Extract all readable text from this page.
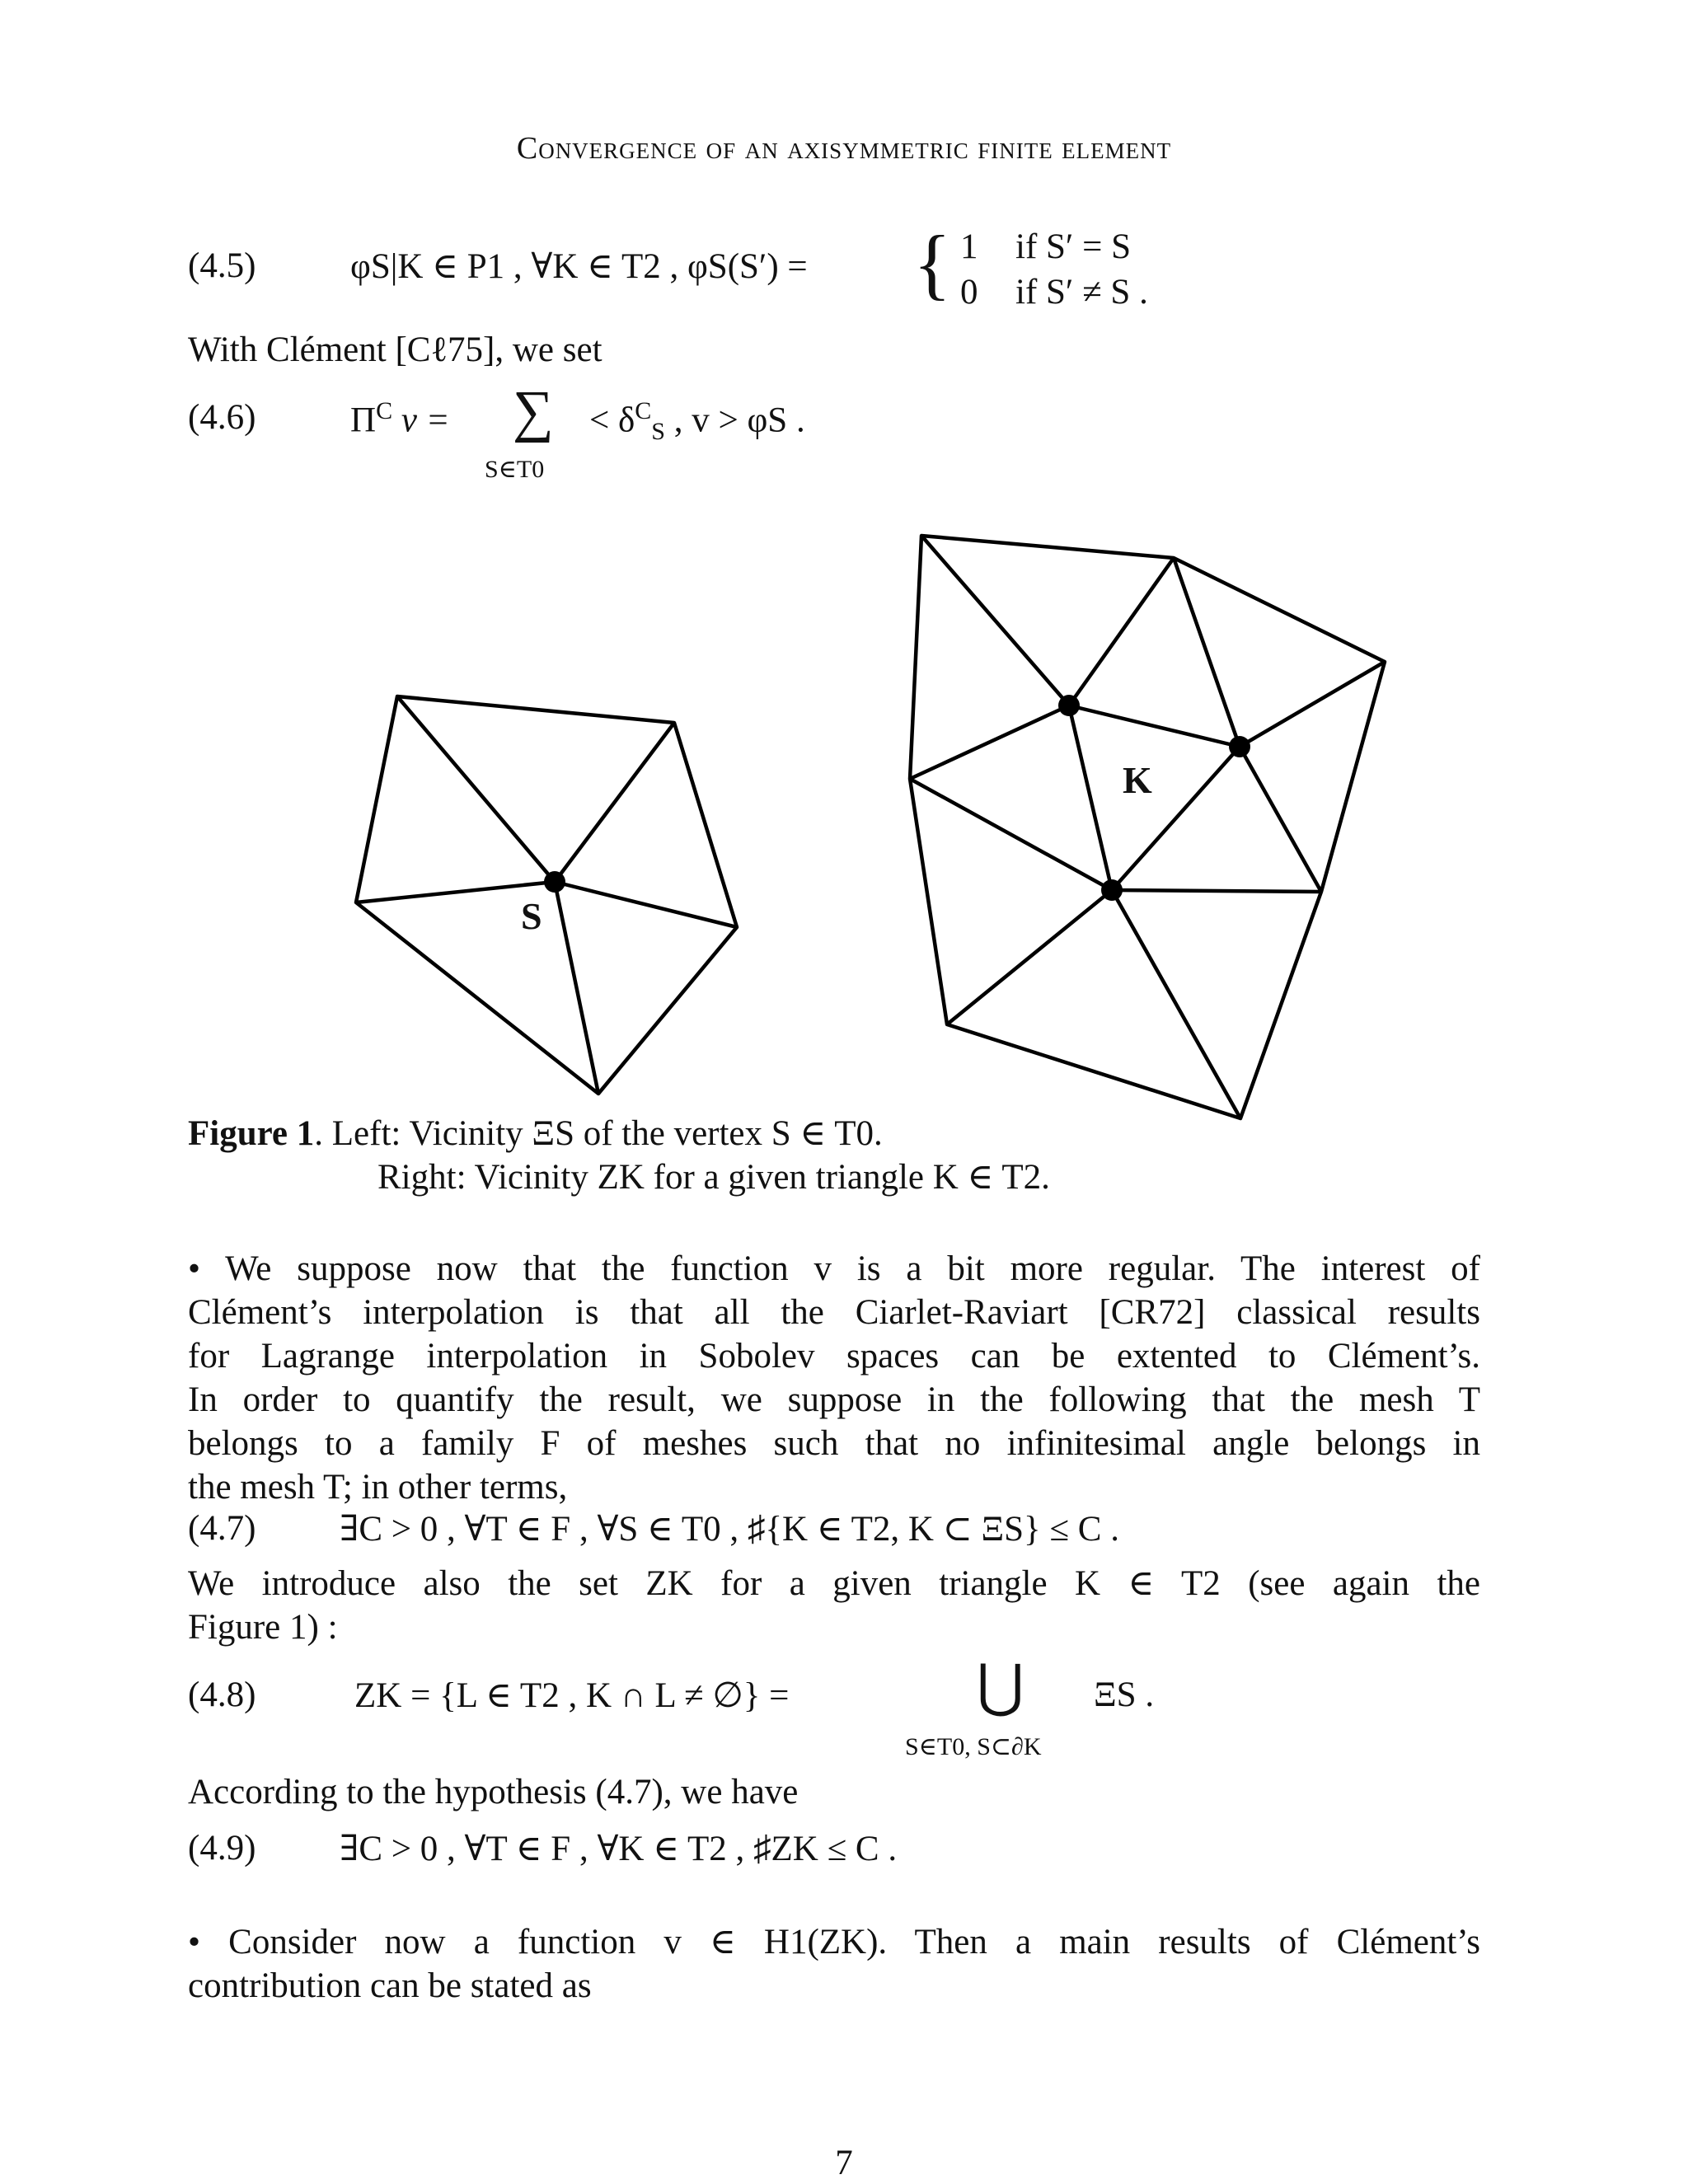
Convergence of an axisymmetric finite element
(4.5)	φS|K ∈ P1 , ∀K ∈ T2 , φS(S′) = { 1 if S′ = S
0 if S′ ≠ S .
With Clément [Cℓ75], we set
(4.6)	$\Pi^C$ v = ∑
S∈T0
< $\delta^C_S$ , v > φS .
S
K
Figure 1. Left: Vicinity ΞS of the vertex S ∈ T0.
Right: Vicinity ZK for a given triangle K ∈ T2.
• We suppose now that the function v is a bit more regular. The interest of
Clément’s interpolation is that all the Ciarlet-Raviart [CR72] classical results
for Lagrange interpolation in Sobolev spaces can be extented to Clément’s.
In order to quantify the result, we suppose in the following that the mesh T
belongs to a family F of meshes such that no infinitesimal angle belongs in
the mesh T; in other terms,
(4.7) ∃C > 0 , ∀T ∈ F , ∀S ∈ T0 , ♯{K ∈ T2, K ⊂ ΞS} ≤ C .
We introduce also the set ZK for a given triangle K ∈ T2 (see again the
Figure 1) :
(4.8)	ZK = {L ∈ T2 , K ∩ L ≠ ∅} =	⋃
S∈T0, S⊂∂K
ΞS .
According to the hypothesis (4.7), we have
(4.9) ∃C > 0 , ∀T ∈ F , ∀K ∈ T2 , ♯ZK ≤ C .
• Consider now a function v ∈ H1(ZK). Then a main results of Clément’s
contribution can be stated as
7
